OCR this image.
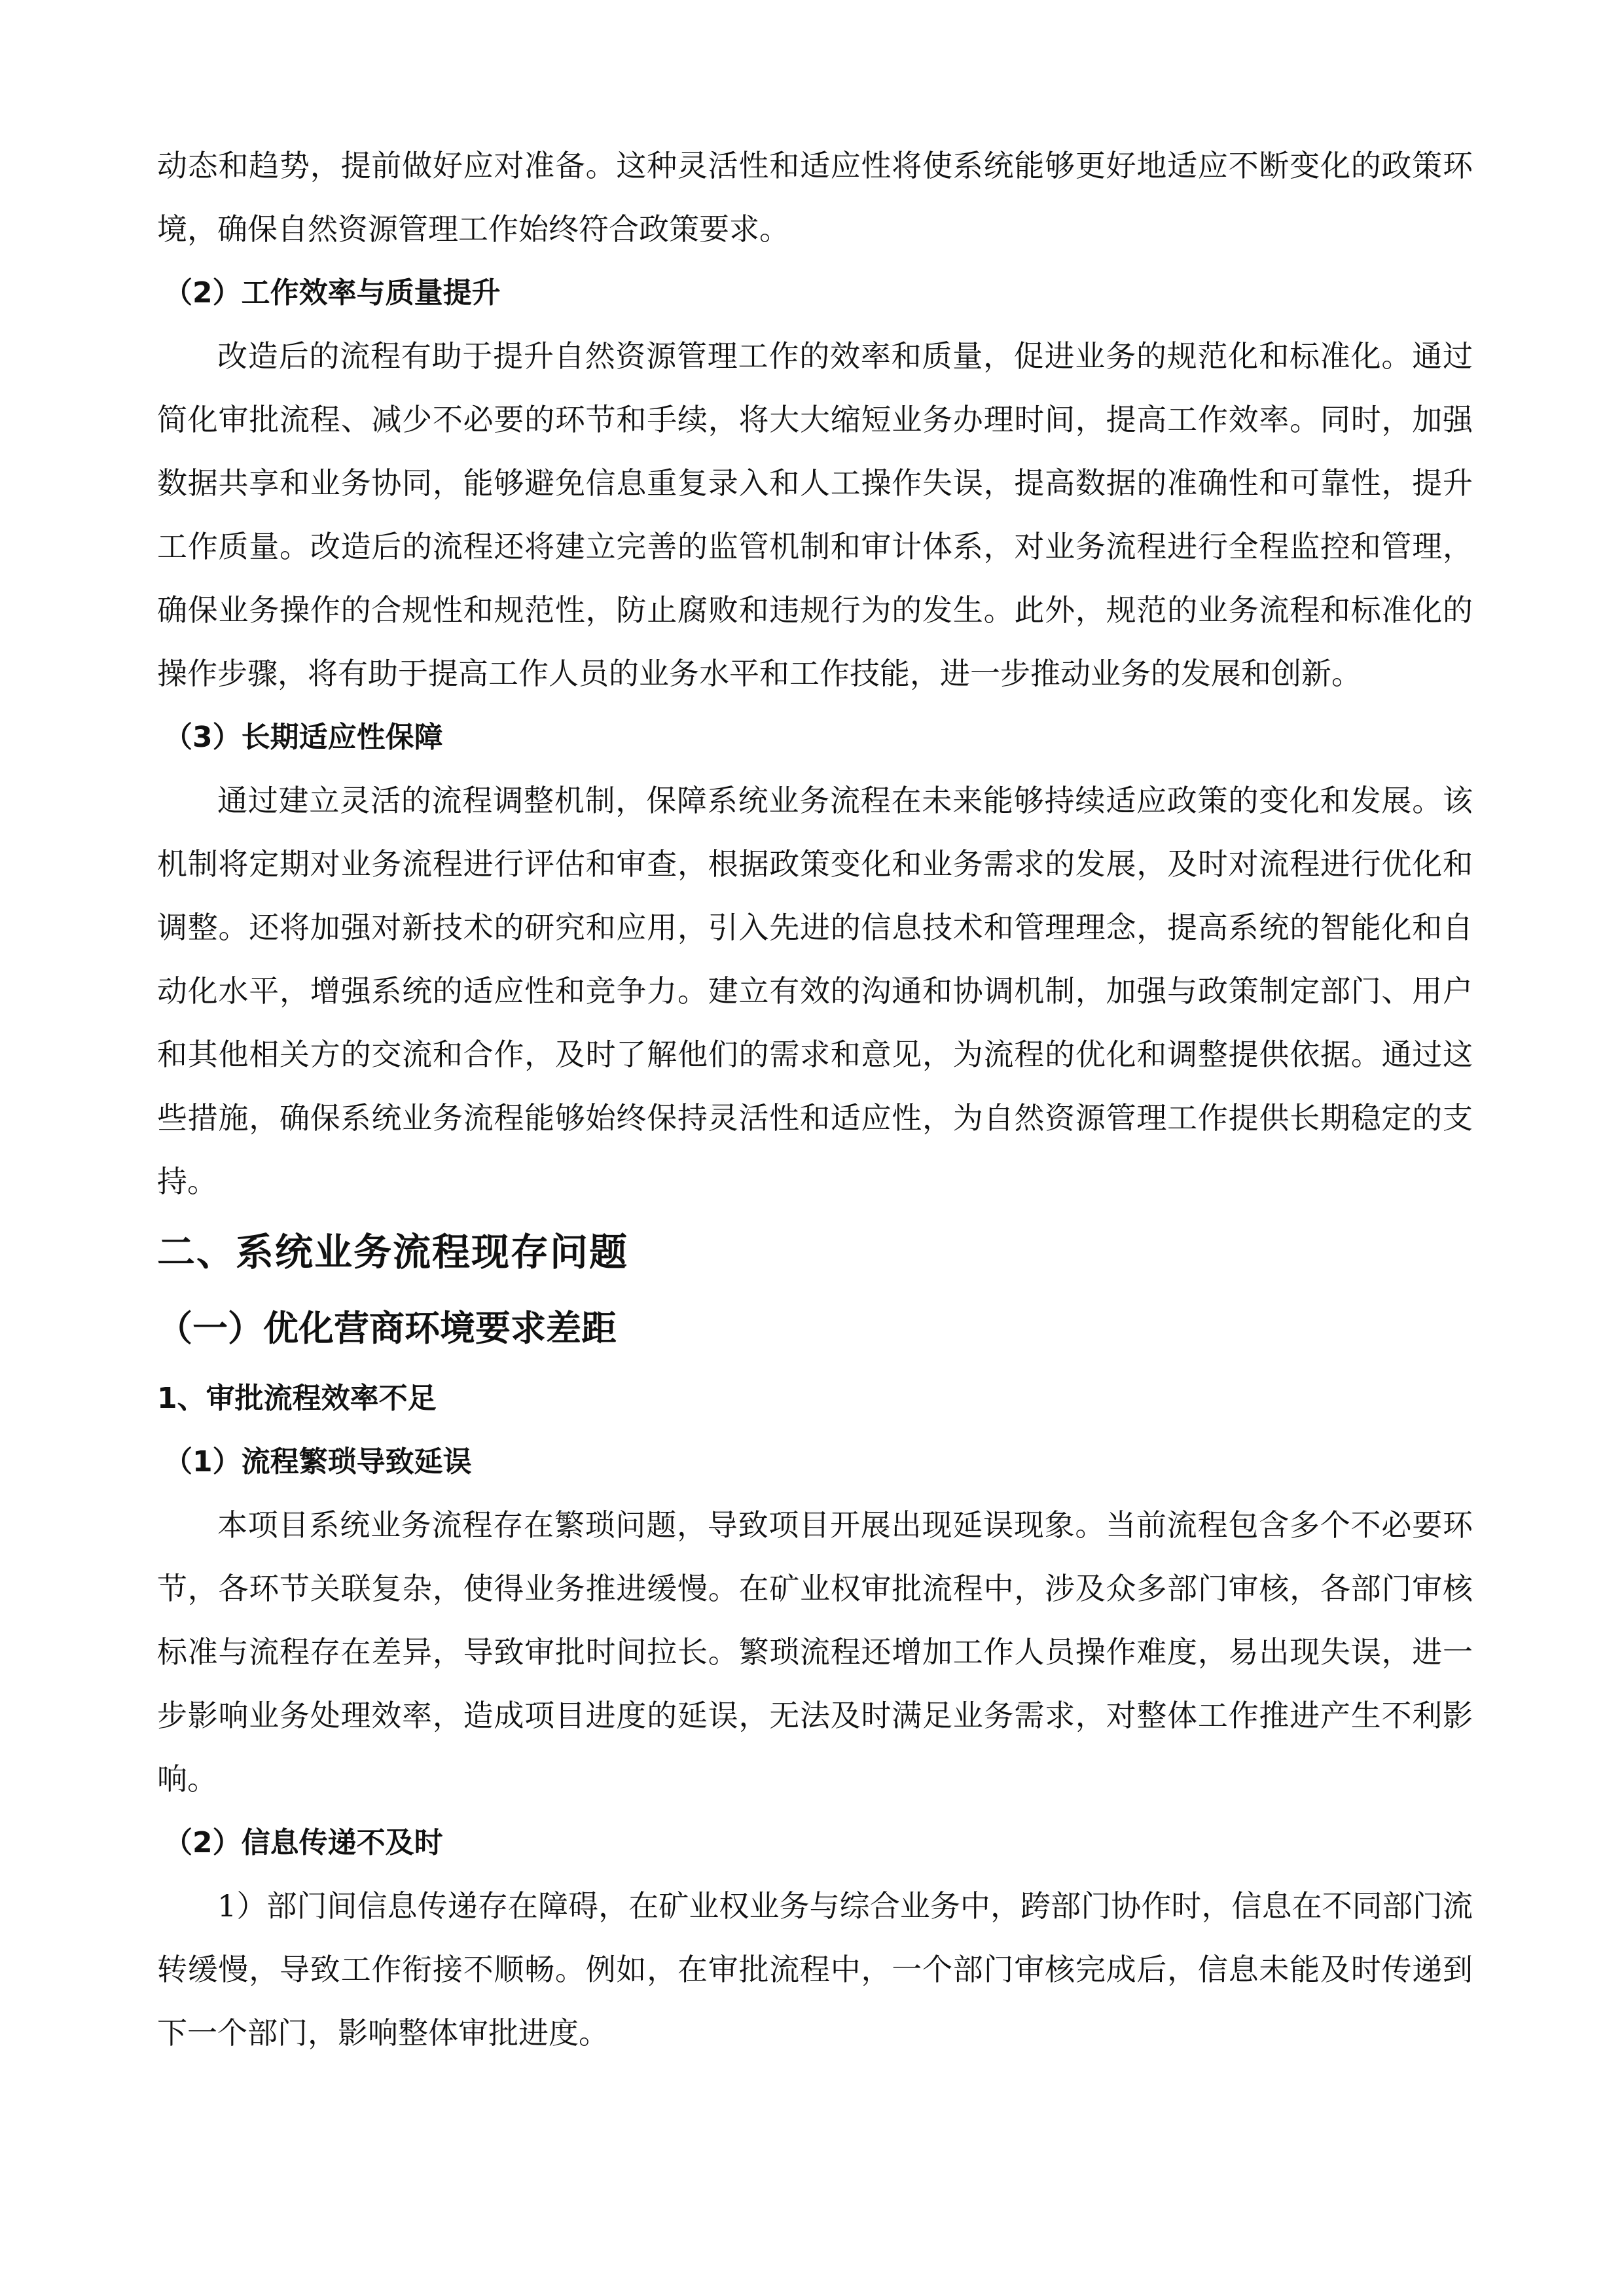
动态和趋势，提前做好应对准备。这种灵活性和适应性将使系统能够更好地适应不断变化的政策环境，确保自然资源管理工作始终符合政策要求。

（2）工作效率与质量提升

改造后的流程有助于提升自然资源管理工作的效率和质量，促进业务的规范化和标准化。通过简化审批流程、减少不必要的环节和手续，将大大缩短业务办理时间，提高工作效率。同时，加强数据共享和业务协同，能够避免信息重复录入和人工操作失误，提高数据的准确性和可靠性，提升工作质量。改造后的流程还将建立完善的监管机制和审计体系，对业务流程进行全程监控和管理，确保业务操作的合规性和规范性，防止腐败和违规行为的发生。此外，规范的业务流程和标准化的操作步骤，将有助于提高工作人员的业务水平和工作技能，进一步推动业务的发展和创新。

（3）长期适应性保障

通过建立灵活的流程调整机制，保障系统业务流程在未来能够持续适应政策的变化和发展。该机制将定期对业务流程进行评估和审查，根据政策变化和业务需求的发展，及时对流程进行优化和调整。还将加强对新技术的研究和应用，引入先进的信息技术和管理理念，提高系统的智能化和自动化水平，增强系统的适应性和竞争力。建立有效的沟通和协调机制，加强与政策制定部门、用户和其他相关方的交流和合作，及时了解他们的需求和意见，为流程的优化和调整提供依据。通过这些措施，确保系统业务流程能够始终保持灵活性和适应性，为自然资源管理工作提供长期稳定的支持。

二、系统业务流程现存问题

（一）优化营商环境要求差距

1、审批流程效率不足

（1）流程繁琐导致延误

本项目系统业务流程存在繁琐问题，导致项目开展出现延误现象。当前流程包含多个不必要环节，各环节关联复杂，使得业务推进缓慢。在矿业权审批流程中，涉及众多部门审核，各部门审核标准与流程存在差异，导致审批时间拉长。繁琐流程还增加工作人员操作难度，易出现失误，进一步影响业务处理效率，造成项目进度的延误，无法及时满足业务需求，对整体工作推进产生不利影响。

（2）信息传递不及时

1）部门间信息传递存在障碍，在矿业权业务与综合业务中，跨部门协作时，信息在不同部门流转缓慢，导致工作衔接不顺畅。例如，在审批流程中，一个部门审核完成后，信息未能及时传递到下一个部门，影响整体审批进度。
